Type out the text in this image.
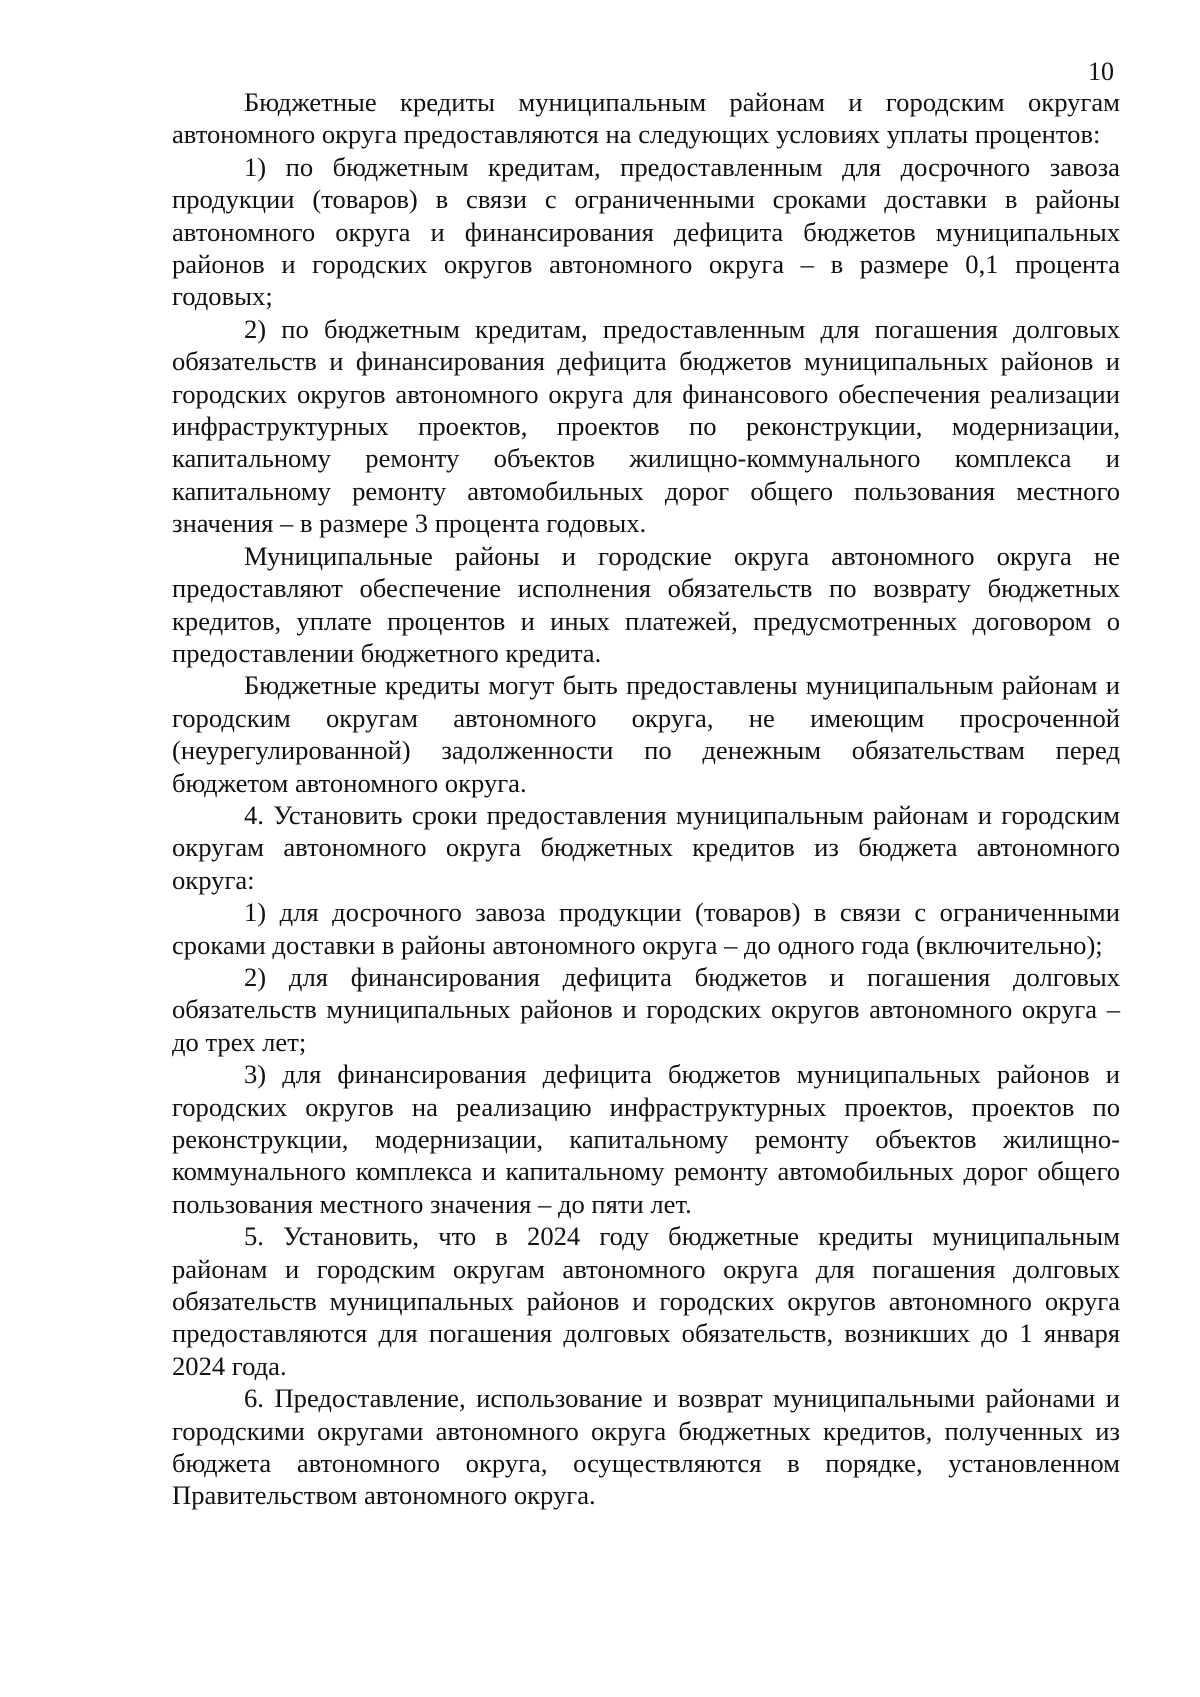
10

Бюджетные кредиты муниципальным районам и городским округам автономного округа предоставляются на следующих условиях уплаты процентов:

1) по бюджетным кредитам, предоставленным для досрочного завоза продукции (товаров) в связи с ограниченными сроками доставки в районы автономного округа и финансирования дефицита бюджетов муниципальных районов и городских округов автономного округа – в размере 0,1 процента годовых;

2) по бюджетным кредитам, предоставленным для погашения долговых обязательств и финансирования дефицита бюджетов муниципальных районов и городских округов автономного округа для финансового обеспечения реализации инфраструктурных проектов, проектов по реконструкции, модернизации, капитальному ремонту объектов жилищно-коммунального комплекса и капитальному ремонту автомобильных дорог общего пользования местного значения – в размере 3 процента годовых.

Муниципальные районы и городские округа автономного округа не предоставляют обеспечение исполнения обязательств по возврату бюджетных кредитов, уплате процентов и иных платежей, предусмотренных договором о предоставлении бюджетного кредита.

Бюджетные кредиты могут быть предоставлены муниципальным районам и городским округам автономного округа, не имеющим просроченной (неурегулированной) задолженности по денежным обязательствам перед бюджетом автономного округа.

4. Установить сроки предоставления муниципальным районам и городским округам автономного округа бюджетных кредитов из бюджета автономного округа:

1) для досрочного завоза продукции (товаров) в связи с ограниченными сроками доставки в районы автономного округа – до одного года (включительно);

2) для финансирования дефицита бюджетов и погашения долговых обязательств муниципальных районов и городских округов автономного округа – до трех лет;

3) для финансирования дефицита бюджетов муниципальных районов и городских округов на реализацию инфраструктурных проектов, проектов по реконструкции, модернизации, капитальному ремонту объектов жилищно-коммунального комплекса и капитальному ремонту автомобильных дорог общего пользования местного значения – до пяти лет.

5. Установить, что в 2024 году бюджетные кредиты муниципальным районам и городским округам автономного округа для погашения долговых обязательств муниципальных районов и городских округов автономного округа предоставляются для погашения долговых обязательств, возникших до 1 января 2024 года.

6. Предоставление, использование и возврат муниципальными районами и городскими округами автономного округа бюджетных кредитов, полученных из бюджета автономного округа, осуществляются в порядке, установленном Правительством автономного округа.
